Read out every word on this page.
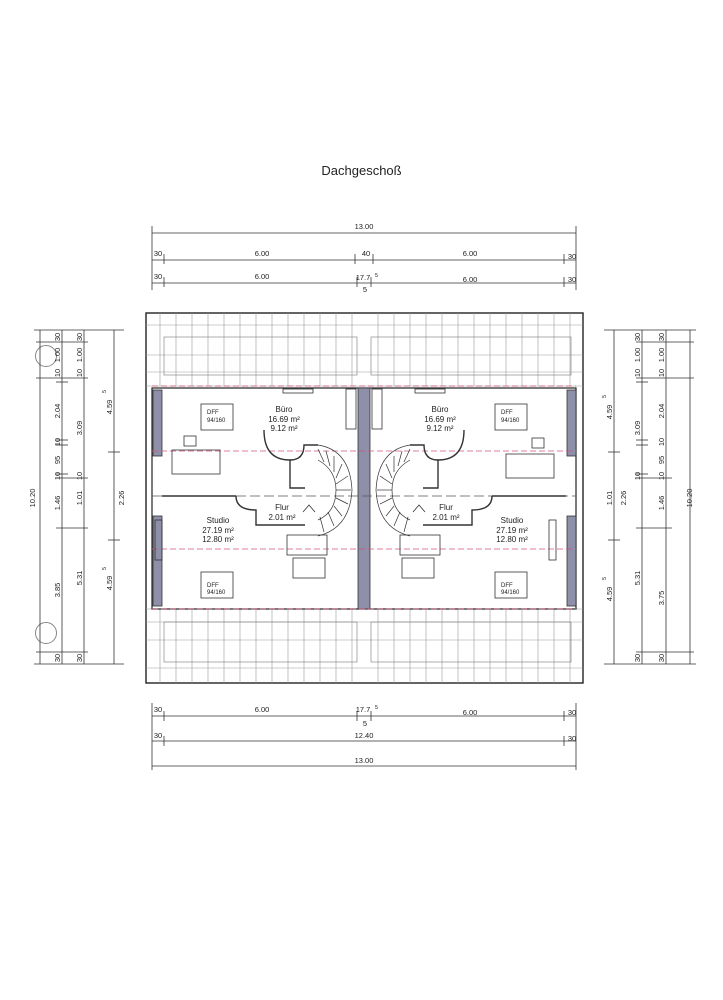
Dachgeschoß
13.00
30	6.00	40	6.00	30
30	6.00	17.7 5
5
6.00	30
DFF
94/160
DFF
94/160
DFF
94/160
DFF
94/160
Büro
16.69 m²
9.12 m²
Büro
16.69 m²
9.12 m²
Studio
27.19 m²
12.80 m²
Studio
27.19 m²
12.80 m²
Flur
2.01 m²
Flur
2.01 m²
30	6.00	17.7 5
5
6.00	30
30	12.40	30
13.00
10.20
30
1.00
10
2.04
10
95
10
1.46
3.85
30
30
1.00
10
3.09
10
1.01
5.31
30
4.59
5
2.26
4.59
5
10.20
30
1.00
10
2.04
10
95
10
1.46
3.75
30
30
1.00
10
3.09
10
1.01
5.31
30
4.59
5
2.26
4.59
5
